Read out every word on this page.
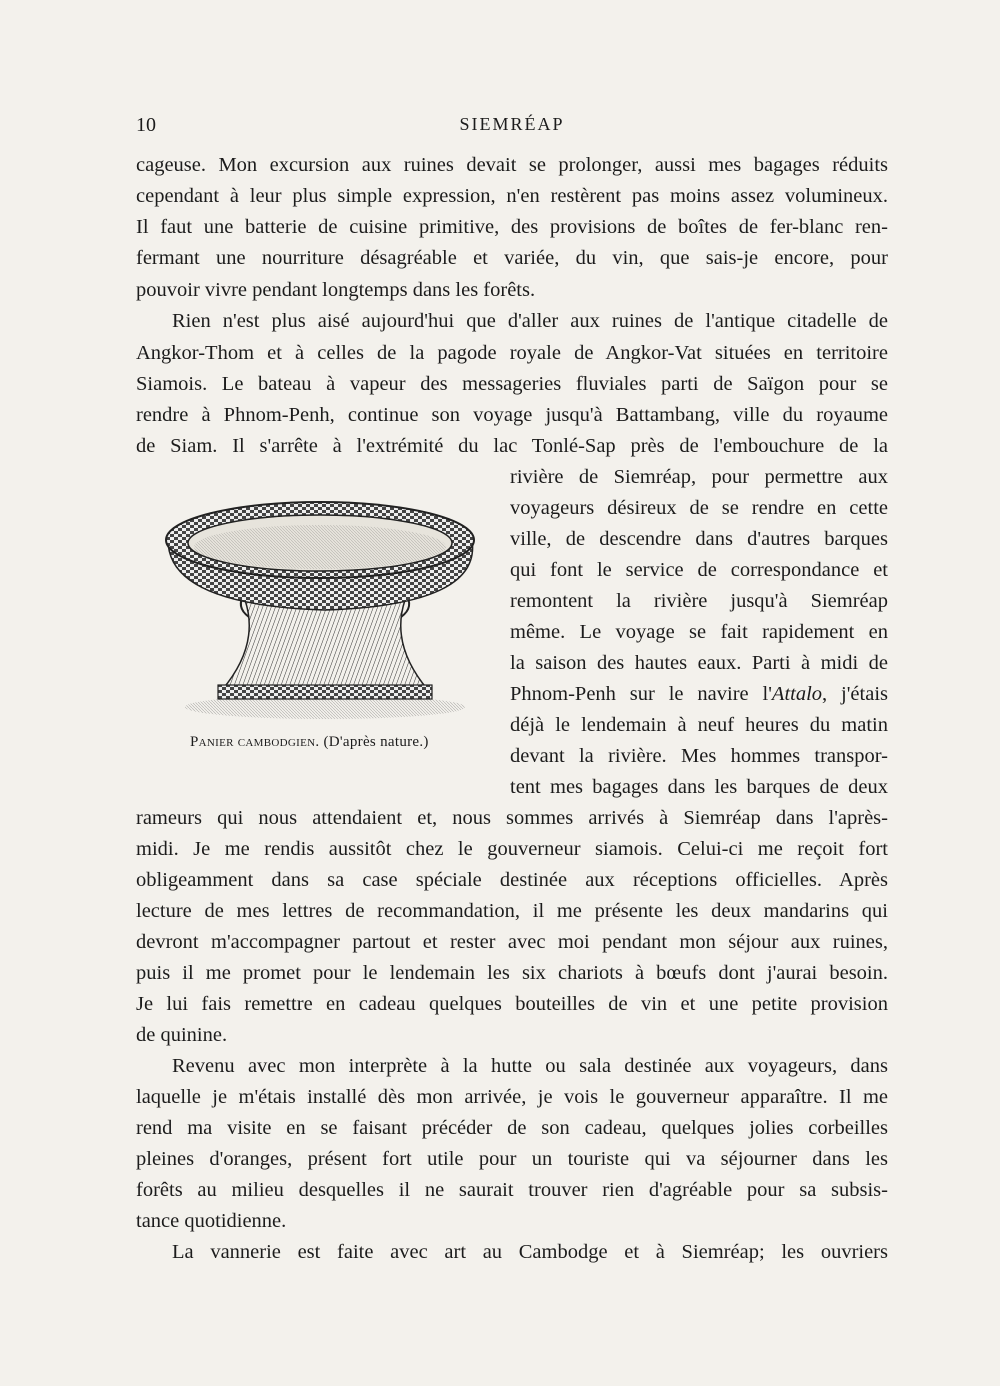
10	SIEMRÉAP
cageuse. Mon excursion aux ruines devait se prolonger, aussi mes bagages réduits
cependant à leur plus simple expression, n'en restèrent pas moins assez volumineux.
Il faut une batterie de cuisine primitive, des provisions de boîtes de fer-blanc ren-
fermant une nourriture désagréable et variée, du vin, que sais-je encore, pour
pouvoir vivre pendant longtemps dans les forêts.
Rien n'est plus aisé aujourd'hui que d'aller aux ruines de l'antique citadelle de
Angkor-Thom et à celles de la pagode royale de Angkor-Vat situées en territoire
Siamois. Le bateau à vapeur des messageries fluviales parti de Saïgon pour se
rendre à Phnom-Penh, continue son voyage jusqu'à Battambang, ville du royaume
de Siam. Il s'arrête à l'extrémité du lac Tonlé-Sap près de l'embouchure de la
rivière de Siemréap, pour permettre aux
voyageurs désireux de se rendre en cette
ville, de descendre dans d'autres barques
qui font le service de correspondance et
remontent la rivière jusqu'à Siemréap
même. Le voyage se fait rapidement en
la saison des hautes eaux. Parti à midi de
Phnom-Penh sur le navire l'Attalo, j'étais
déjà le lendemain à neuf heures du matin
devant la rivière. Mes hommes transpor-
tent mes bagages dans les barques de deux
rameurs qui nous attendaient et, nous sommes arrivés à Siemréap dans l'après-
midi. Je me rendis aussitôt chez le gouverneur siamois. Celui-ci me reçoit fort
obligeamment dans sa case spéciale destinée aux réceptions officielles. Après
lecture de mes lettres de recommandation, il me présente les deux mandarins qui
devront m'accompagner partout et rester avec moi pendant mon séjour aux ruines,
puis il me promet pour le lendemain les six chariots à bœufs dont j'aurai besoin.
Je lui fais remettre en cadeau quelques bouteilles de vin et une petite provision
de quinine.
Revenu avec mon interprète à la hutte ou sala destinée aux voyageurs, dans
laquelle je m'étais installé dès mon arrivée, je vois le gouverneur apparaître. Il me
rend ma visite en se faisant précéder de son cadeau, quelques jolies corbeilles
pleines d'oranges, présent fort utile pour un touriste qui va séjourner dans les
forêts au milieu desquelles il ne saurait trouver rien d'agréable pour sa subsis-
tance quotidienne.
La vannerie est faite avec art au Cambodge et à Siemréap; les ouvriers
Panier cambodgien. (D'après nature.)
